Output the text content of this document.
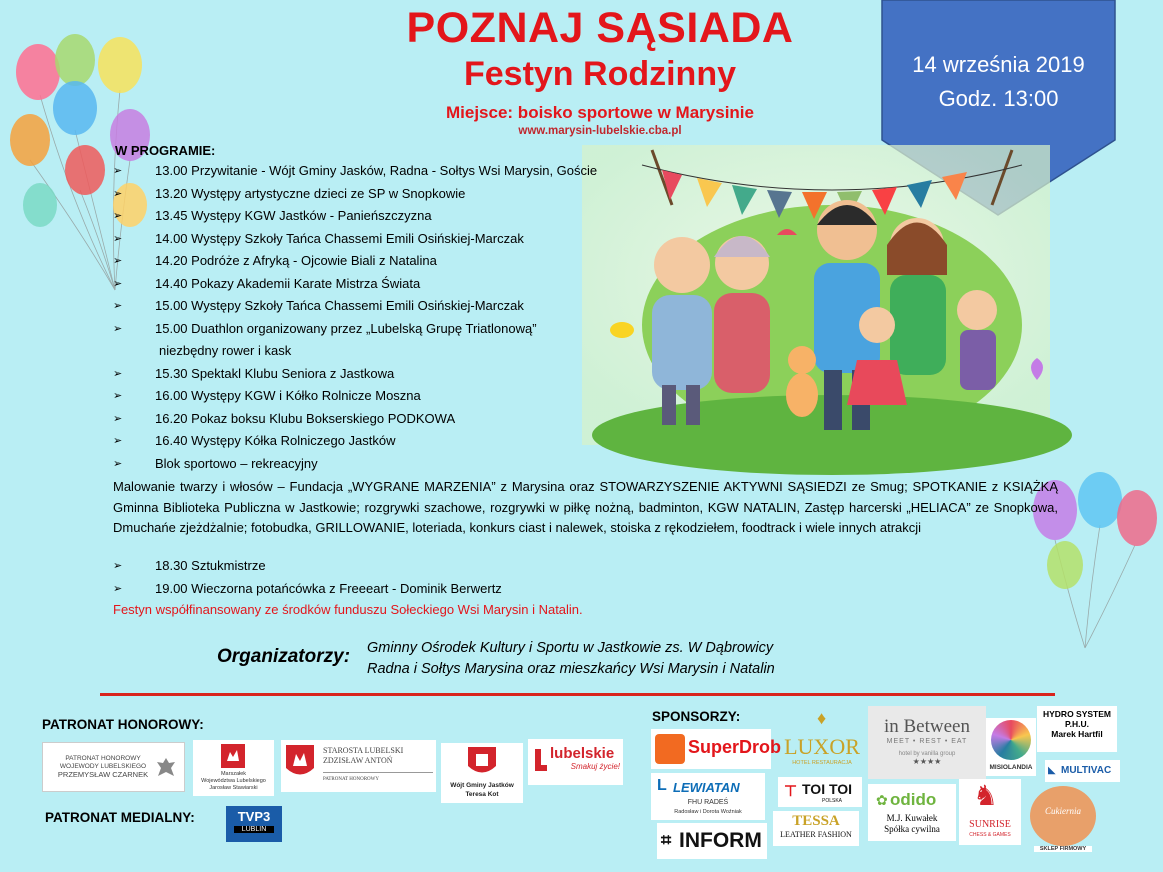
POZNAJ SĄSIADA
Festyn Rodzinny
Miejsce: boisko sportowe w Marysinie
www.marysin-lubelskie.cba.pl
14 września 2019
Godz. 13:00
W PROGRAMIE:
➢	13.00 Przywitanie - Wójt Gminy Jasków, Radna - Sołtys Wsi Marysin, Goście
➢	13.20 Występy artystyczne dzieci ze SP w Snopkowie
➢	13.45 Występy KGW Jastków - Panieńszczyzna
➢	14.00 Występy Szkoły Tańca Chassemi Emili Osińskiej-Marczak
➢	14.20 Podróże z Afryką - Ojcowie Biali z Natalina
➢	14.40 Pokazy Akademii Karate Mistrza Świata
➢	15.00 Występy Szkoły Tańca Chassemi Emili Osińskiej-Marczak
➢	15.00 Duathlon organizowany przez „Lubelską Grupę Triatlonową”
niezbędny rower i kask
➢	15.30 Spektakl Klubu Seniora z Jastkowa
➢	16.00 Występy KGW i Kółko Rolnicze Moszna
➢	16.20 Pokaz boksu Klubu Bokserskiego PODKOWA
➢	16.40 Występy Kółka Rolniczego Jastków
➢	Blok sportowo – rekreacyjny
Malowanie twarzy i włosów – Fundacja „WYGRANE MARZENIA” z Marysina oraz STOWARZYSZENIE AKTYWNI SĄSIEDZI ze Smug; SPOTKANIE z KSIĄŻKĄ Gminna Biblioteka Publiczna w Jastkowie; rozgrywki szachowe, rozgrywki w piłkę nożną, badminton, KGW NATALIN, Zastęp harcerski „HELIACA” ze Snopkowa, Dmuchańe zjeżdżalnie; fotobudka, GRILLOWANIE, loteriada, konkurs ciast i nalewek, stoiska z rękodziełem, foodtrack i wiele innych atrakcji
➢	18.30 Sztukmistrze
➢	19.00 Wieczorna potańcówka z Freeeart - Dominik Berwertz
Festyn współfinansowany ze środków funduszu Sołeckiego Wsi Marysin i Natalin.
Organizatorzy: Gminny Ośrodek Kultury i Sportu w Jastkowie zs. W Dąbrowicy
Radna i Sołtys Marysina oraz mieszkańcy Wsi Marysin i Natalin
PATRONAT HONOROWY:
PATRONAT HONOROWY
WOJEWODY LUBELSKIEGO
PRZEMYSŁAW CZARNEK	Marszałek
Województwa Lubelskiego
Jarosław Stawiarski
STAROSTA LUBELSKI
ZDZISŁAW ANTOŃ
PATRONAT HONOROWY
Wójt Gminy Jastków
Teresa Kot
lubelskie
Smakuj życie!
PATRONAT MEDIALNY:	TVP3
LUBLIN
SPONSORZY:
SuperDrob
♦
LUXOR
HOTEL RESTAURACJA
in Between
MEET • REST • EAT
hotel by vanilla group
★★★★
MISIOLANDIA
HYDRO SYSTEM
P.H.U.
Marek Hartfil
◣ MULTIVAC
L LEWIATAN
FHU RADEŚ
Radosław i Dorota Woźniak
⊤ TOI TOI
POLSKA ✿ odido
M.J. Kuwałek
Spółka cywilna
♞
SUNRISE
CHESS & GAMES
Cukiernia
SKLEP FIRMOWY
TESSA
LEATHER FASHION
⌗ INFORM
